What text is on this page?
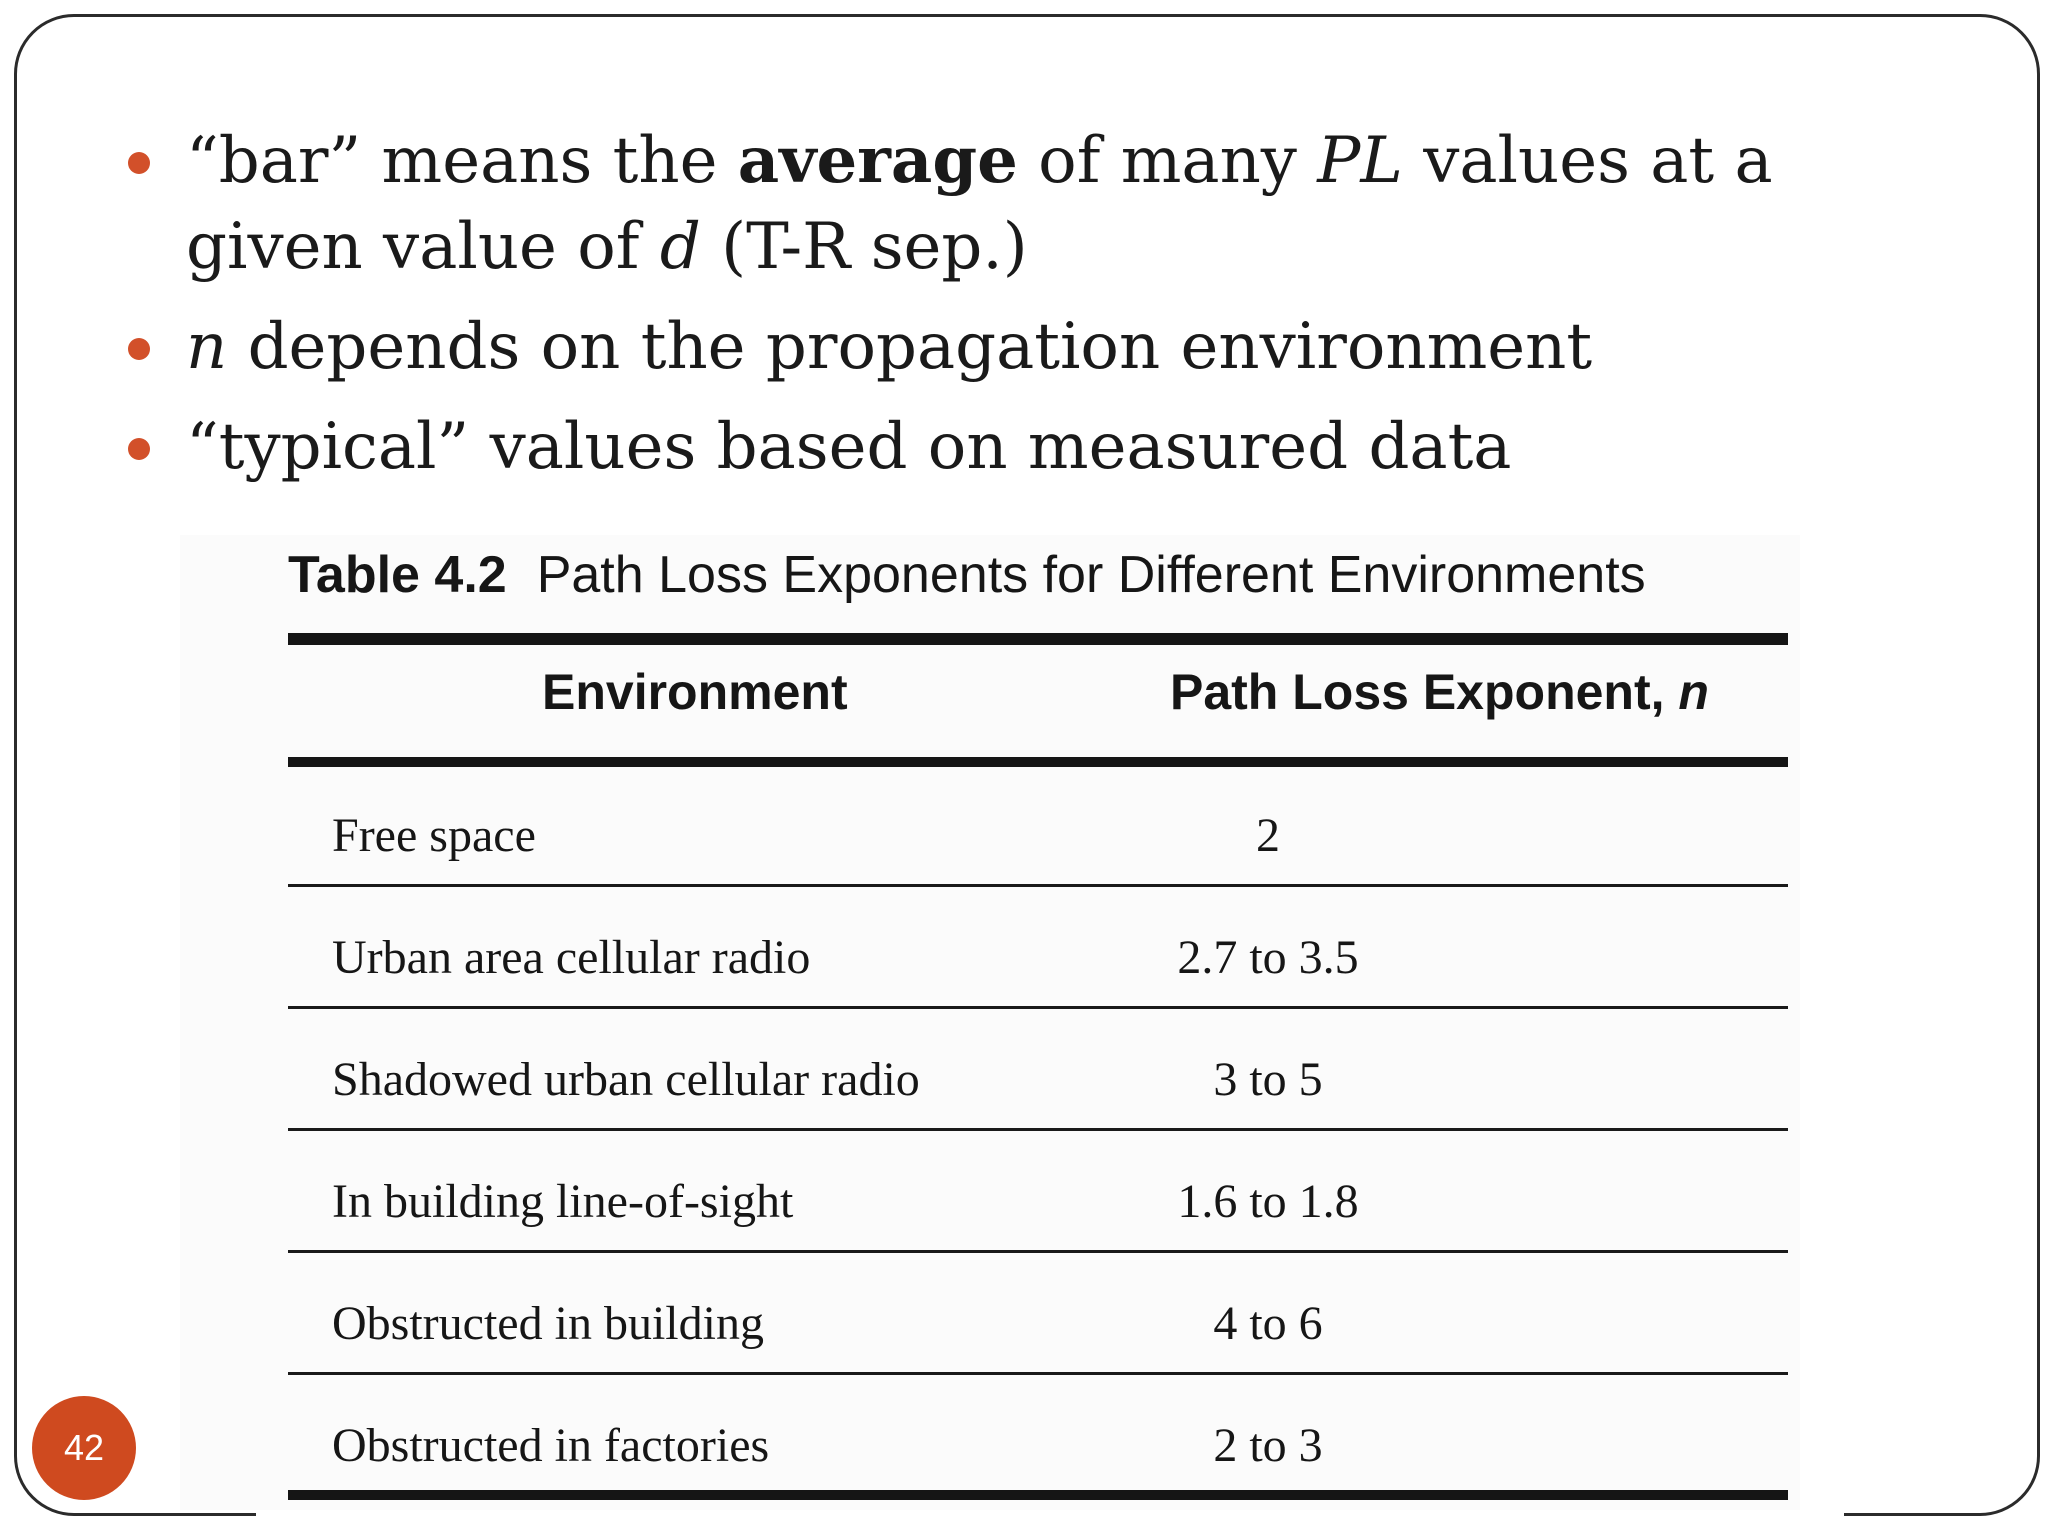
“bar” means the average of many PL values at a given value of d (T-R sep.)
n depends on the propagation environment
“typical” values based on measured data
Table 4.2 Path Loss Exponents for Different Environments
Environment	Path Loss Exponent, n
Free space	2
Urban area cellular radio	2.7 to 3.5
Shadowed urban cellular radio	3 to 5
In building line-of-sight	1.6 to 1.8
Obstructed in building	4 to 6
Obstructed in factories	2 to 3
42
